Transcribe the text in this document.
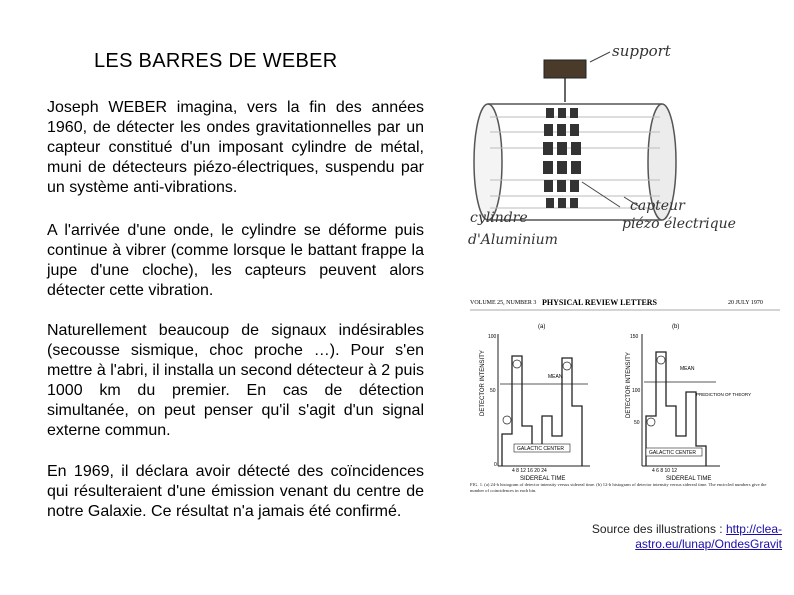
LES BARRES DE WEBER
Joseph WEBER imagina, vers la fin des années 1960, de détecter les ondes gravitationnelles par un capteur constitué d'un imposant cylindre de métal, muni de détecteurs piézo-électriques, suspendu par un système anti-vibrations.
A l'arrivée d'une onde, le cylindre se déforme puis continue à vibrer (comme lorsque le battant frappe la jupe d'une cloche), les capteurs peuvent alors détecter cette vibration.
Naturellement beaucoup de signaux indésirables (secousse sismique, choc proche …). Pour s'en mettre à l'abri, il installa un second détecteur à 2 puis 1000 km du premier. En cas de détection simultanée, on peut penser qu'il s'agit d'un signal externe commun.
En 1969, il déclara avoir détecté des coïncidences qui résulteraient d'une émission venant du centre de notre Galaxie. Ce résultat n'a jamais été confirmé.
support
cylindre
d'Aluminium
capteur
piézo électrique
VOLUME 25, NUMBER 3 PHYSICAL REVIEW LETTERS	20 JULY 1970
(a)	(b)
DETECTOR INTENSITY
100
50
0
MEAN
GALACTIC CENTER
4 8 12 16 20 24
SIDEREAL TIME
DETECTOR INTENSITY
150
100
50
MEAN
PREDICTION OF THEORY
GALACTIC CENTER
4 6 8 10 12
SIDEREAL TIME
FIG. 1. (a) 24-h histogram of detector intensity versus sidereal time. (b) 12-h histogram of detector intensity versus sidereal time. The encircled numbers give the number of coincidences in each bin.
Source des illustrations : http://clea-astro.eu/lunap/OndesGravit
